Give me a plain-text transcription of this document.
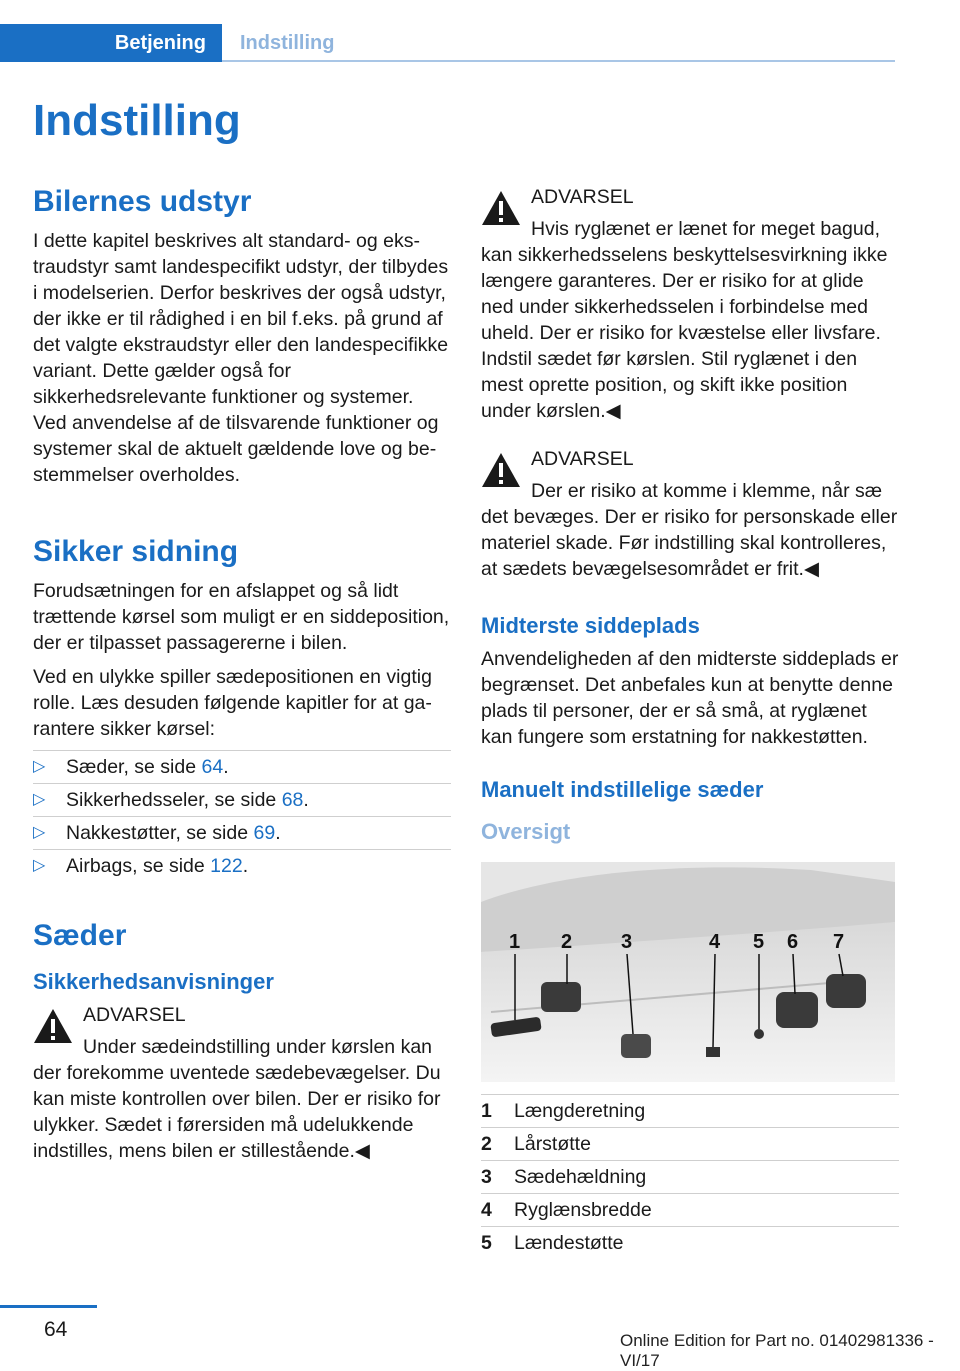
Betjening	Indstilling
Indstilling
Bilernes udstyr

I dette kapitel beskrives alt standard- og ekstraudstyr samt landespecifikt udstyr, der tilbydes i modelserien. Derfor beskrives der også udstyr, der ikke er til rådighed i en bil f.eks. på grund af det valgte ekstraudstyr eller den landespecifikke variant. Dette gælder også for sikkerhedsrelevante funktioner og systemer. Ved anvendelse af de tilsvarende funktioner og systemer skal de aktuelt gældende love og bestemmelser overholdes.

Sikker sidning

Forudsætningen for en afslappet og så lidt trættende kørsel som muligt er en siddeposition, der er tilpasset passagererne i bilen.

Ved en ulykke spiller sædepositionen en vigtig rolle. Læs desuden følgende kapitler for at garantere sikker kørsel:

▷ Sæder, se side 64.
▷ Sikkerhedsseler, se side 68.
▷ Nakkestøtter, se side 69.
▷ Airbags, se side 122.
Sæder
Sikkerhedsanvisninger

ADVARSEL

Under sædeindstilling under kørslen kan

der forekomme uventede sædebevægelser. Du kan miste kontrollen over bilen. Der er risiko for ulykker. Sædet i førersiden må udelukkende indstilles, mens bilen er stillestående.◀

ADVARSEL

Hvis ryglænet er lænet for meget bagud,

kan sikkerhedsselens beskyttelsesvirkning ikke længere garanteres. Der er risiko for at glide ned under sikkerhedsselen i forbindelse med uheld. Der er risiko for kvæstelse eller livsfare. Indstil sædet før kørslen. Stil ryglænet i den mest oprette position, og skift ikke position under kørslen.◀

ADVARSEL

Der er risiko at komme i klemme, når sæ

det bevæges. Der er risiko for personskade eller materiel skade. Før indstilling skal kontrolleres, at sædets bevægelsesområdet er frit.◀

Midterste siddeplads

Anvendeligheden af den midterste siddeplads er begrænset. Det anbefales kun at benytte denne plads til personer, der er så små, at ryglænet kan fungere som erstatning for nakkestøtten.

Manuelt indstillelige sæder
Oversigt
1 2 3	4 5 6 7
1 Længderetning
2 Lårstøtte
3 Sædehældning
4 Ryglænsbredde
5 Lændestøtte
64	Online Edition for Part no. 01402981336 - VI/17
